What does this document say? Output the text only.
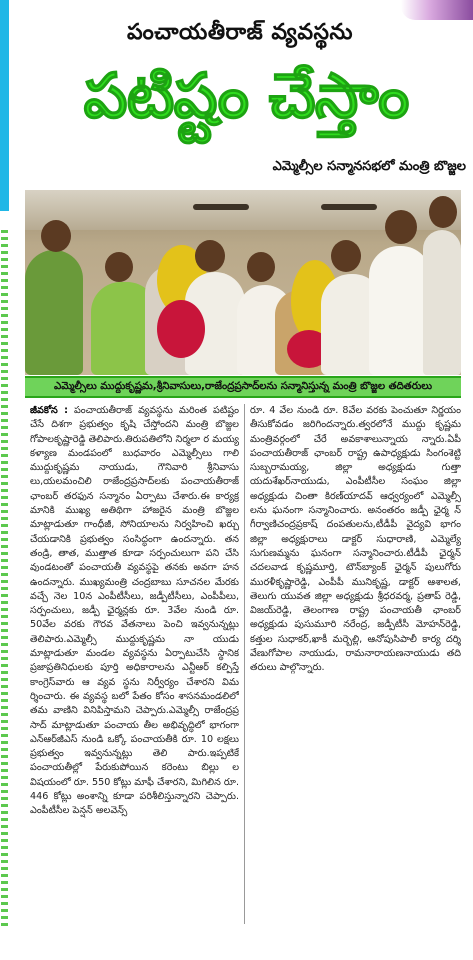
పంచాయతీరాజ్ వ్యవస్థను
పటిష్టం చేస్తాం
ఎమ్మెల్సీల సన్మానసభలో మంత్రి బొజ్జల
ఎమ్మెల్సీలు ముద్దుకృష్ణమ,శ్రీనివాసులు,రాజేంద్రప్రసాద్‌లను సన్మానిస్తున్న మంత్రి బొజ్జల తదితరులు
జీవకోన : పంచాయతీరాజ్ వ్యవస్థను మరింత పటిష్టం చేసే దిశగా ప్రభుత్వం కృషి చేస్తోందని మంత్రి బొజ్జల గోపాలకృష్ణారెడ్డి తెలిపారు.తిరుపతిలోని నిర్మలా ర మయ్య కళ్యాణ మండపంలో బుధవారం ఎమ్మెల్సీలు గాలి ముద్దుకృష్ణమ నాయుడు, గౌనివారి శ్రీనివాసు లు,యలమంచిలి రాజేంద్రప్రసాద్‌లకు పంచాయతీరాజ్ ఛాంబర్ తరఫున సన్మానం ఏర్పాటు చేశారు.ఈ కార్యక్ర మానికి ముఖ్య అతిథిగా హాజరైన మంత్రి బొజ్జల మాట్లాడుతూ గాంధీజీ, సోనియాలను నిర్వహించి ఖర్చు చేయడానికి ప్రభుత్వం సంసిద్ధంగా ఉందన్నారు. తన తండ్రి, తాత, ముత్తాత కూడా సర్పంచులుగా పని చేసి వుండటంతో పంచాయతీ వ్యవస్థపై తనకు అవగా హన ఉందన్నారు. ముఖ్యమంత్రి చంద్రబాబు సూచనల మేరకు వచ్చే నెల 10న ఎంపీటీసీలు, జడ్పీటీసీలు, ఎంపీపీలు, సర్పంచులు, జడ్పీ ఛైర్మన్లకు రూ. 3వేల నుండి రూ. 50వేల వరకు గౌరవ వేతనాలు పెంచి ఇవ్వనున్నట్లు తెలిపారు.ఎమ్మెల్సీ ముద్దుకృష్ణమ నా యుడు మాట్లాడుతూ మండల వ్యవస్థను ఏర్పాటుచేసి స్థానిక ప్రజాప్రతినిధులకు పూర్తి అధికారాలను ఎన్టీఆర్ కల్పిస్తే కాంగ్రెస్‌వారు ఆ వ్యవ స్థను నిర్వీర్యం చేశారని విమ ర్శించారు. ఈ వ్యవస్థ బలో పేతం కోసం శాసనమండలిలో తమ వాణిని వినిపిస్తామని చెప్పారు.ఎమ్మెల్సీ రాజేంద్రప్ర సాద్ మాట్లాడుతూ పంచాయ తీల అభివృద్ధిలో భాగంగా ఎన్‌ఆర్‌జీఎస్ నుండి ఒక్కో పంచాయతీకి రూ. 10 లక్షలు ప్రభుత్వం ఇవ్వనున్నట్లు తెలి పారు.ఇప్పటికే పంచాయతీల్లో పేరుకుపోయిన కరెంటు బిల్లు ల విషయంలో రూ. 550 కోట్లు మాఫీ చేశారని, మిగిలిన రూ. 446 కోట్లు అంశాన్ని కూడా పరిశీలిస్తున్నారని చెప్పారు. ఎంపీటీసీల పెన్షన్ అలవెన్స్
రూ. 4 వేల నుండి రూ. 8వేల వరకు పెంచుతూ నిర్ణయం తీసుకోవడం జరిగిందన్నారు.త్వరలోనే ముద్దు కృష్ణమ మంత్రివర్గంలో చేరే అవకాశాలున్నాయ న్నారు.ఏపీ పంచాయతీరాజ్ ఛాంబర్ రాష్ట్ర ఉపాధ్యక్షుడు సింగంశెట్టి సుబ్బరామయ్య, జిల్లా అధ్యక్షుడు గుత్తా యదుశేఖర్‌నాయుడు, ఎంపీటీసీల సంఘం జిల్లా అధ్యక్షుడు చింతా కిరణ్‌యాదవ్ ఆధ్వర్యంలో ఎమ్మెల్సీ లను ఘనంగా సన్మానించారు. అనంతరం జడ్పీ ఛైర్మ న్ గీర్వాణిచంద్రప్రకాష్ దంపతులను,టీడీపీ వైద్యవి భాగం జిల్లా అధ్యక్షురాలు డాక్టర్ సుధారాణి, ఎమ్మెల్యే సుగుణమ్మను ఘనంగా సన్మానించారు.టీడీపీ ఛైర్మన్ చదలవాడ కృష్ణమూర్తి, టౌన్‌బ్యాంక్ ఛైర్మన్ పులుగోరు మురళీకృష్ణారెడ్డి, ఎంపీపీ మునికృష్ణ, డాక్టర్ ఆశాలత, తెలుగు యువత జిల్లా అధ్యక్షుడు శ్రీధరవర్మ, ప్రతాప్ రెడ్డి, విజయ్‌రెడ్డి, తెలంగాణ రాష్ట్ర పంచాయతీ ఛాంబర్ అధ్యక్షుడు పుసుమూరి నరేంద్ర, జడ్పీటీసీ మోహన్‌రెడ్డి, కత్తుల సుధాకర్,ఖాకీ మర్బెల్లి, ఆనోపుసిపాలీ కార్య దర్శి వేణుగోపాల నాయుడు, రామనారాయణనాయుడు తది తరులు పాల్గొన్నారు.
